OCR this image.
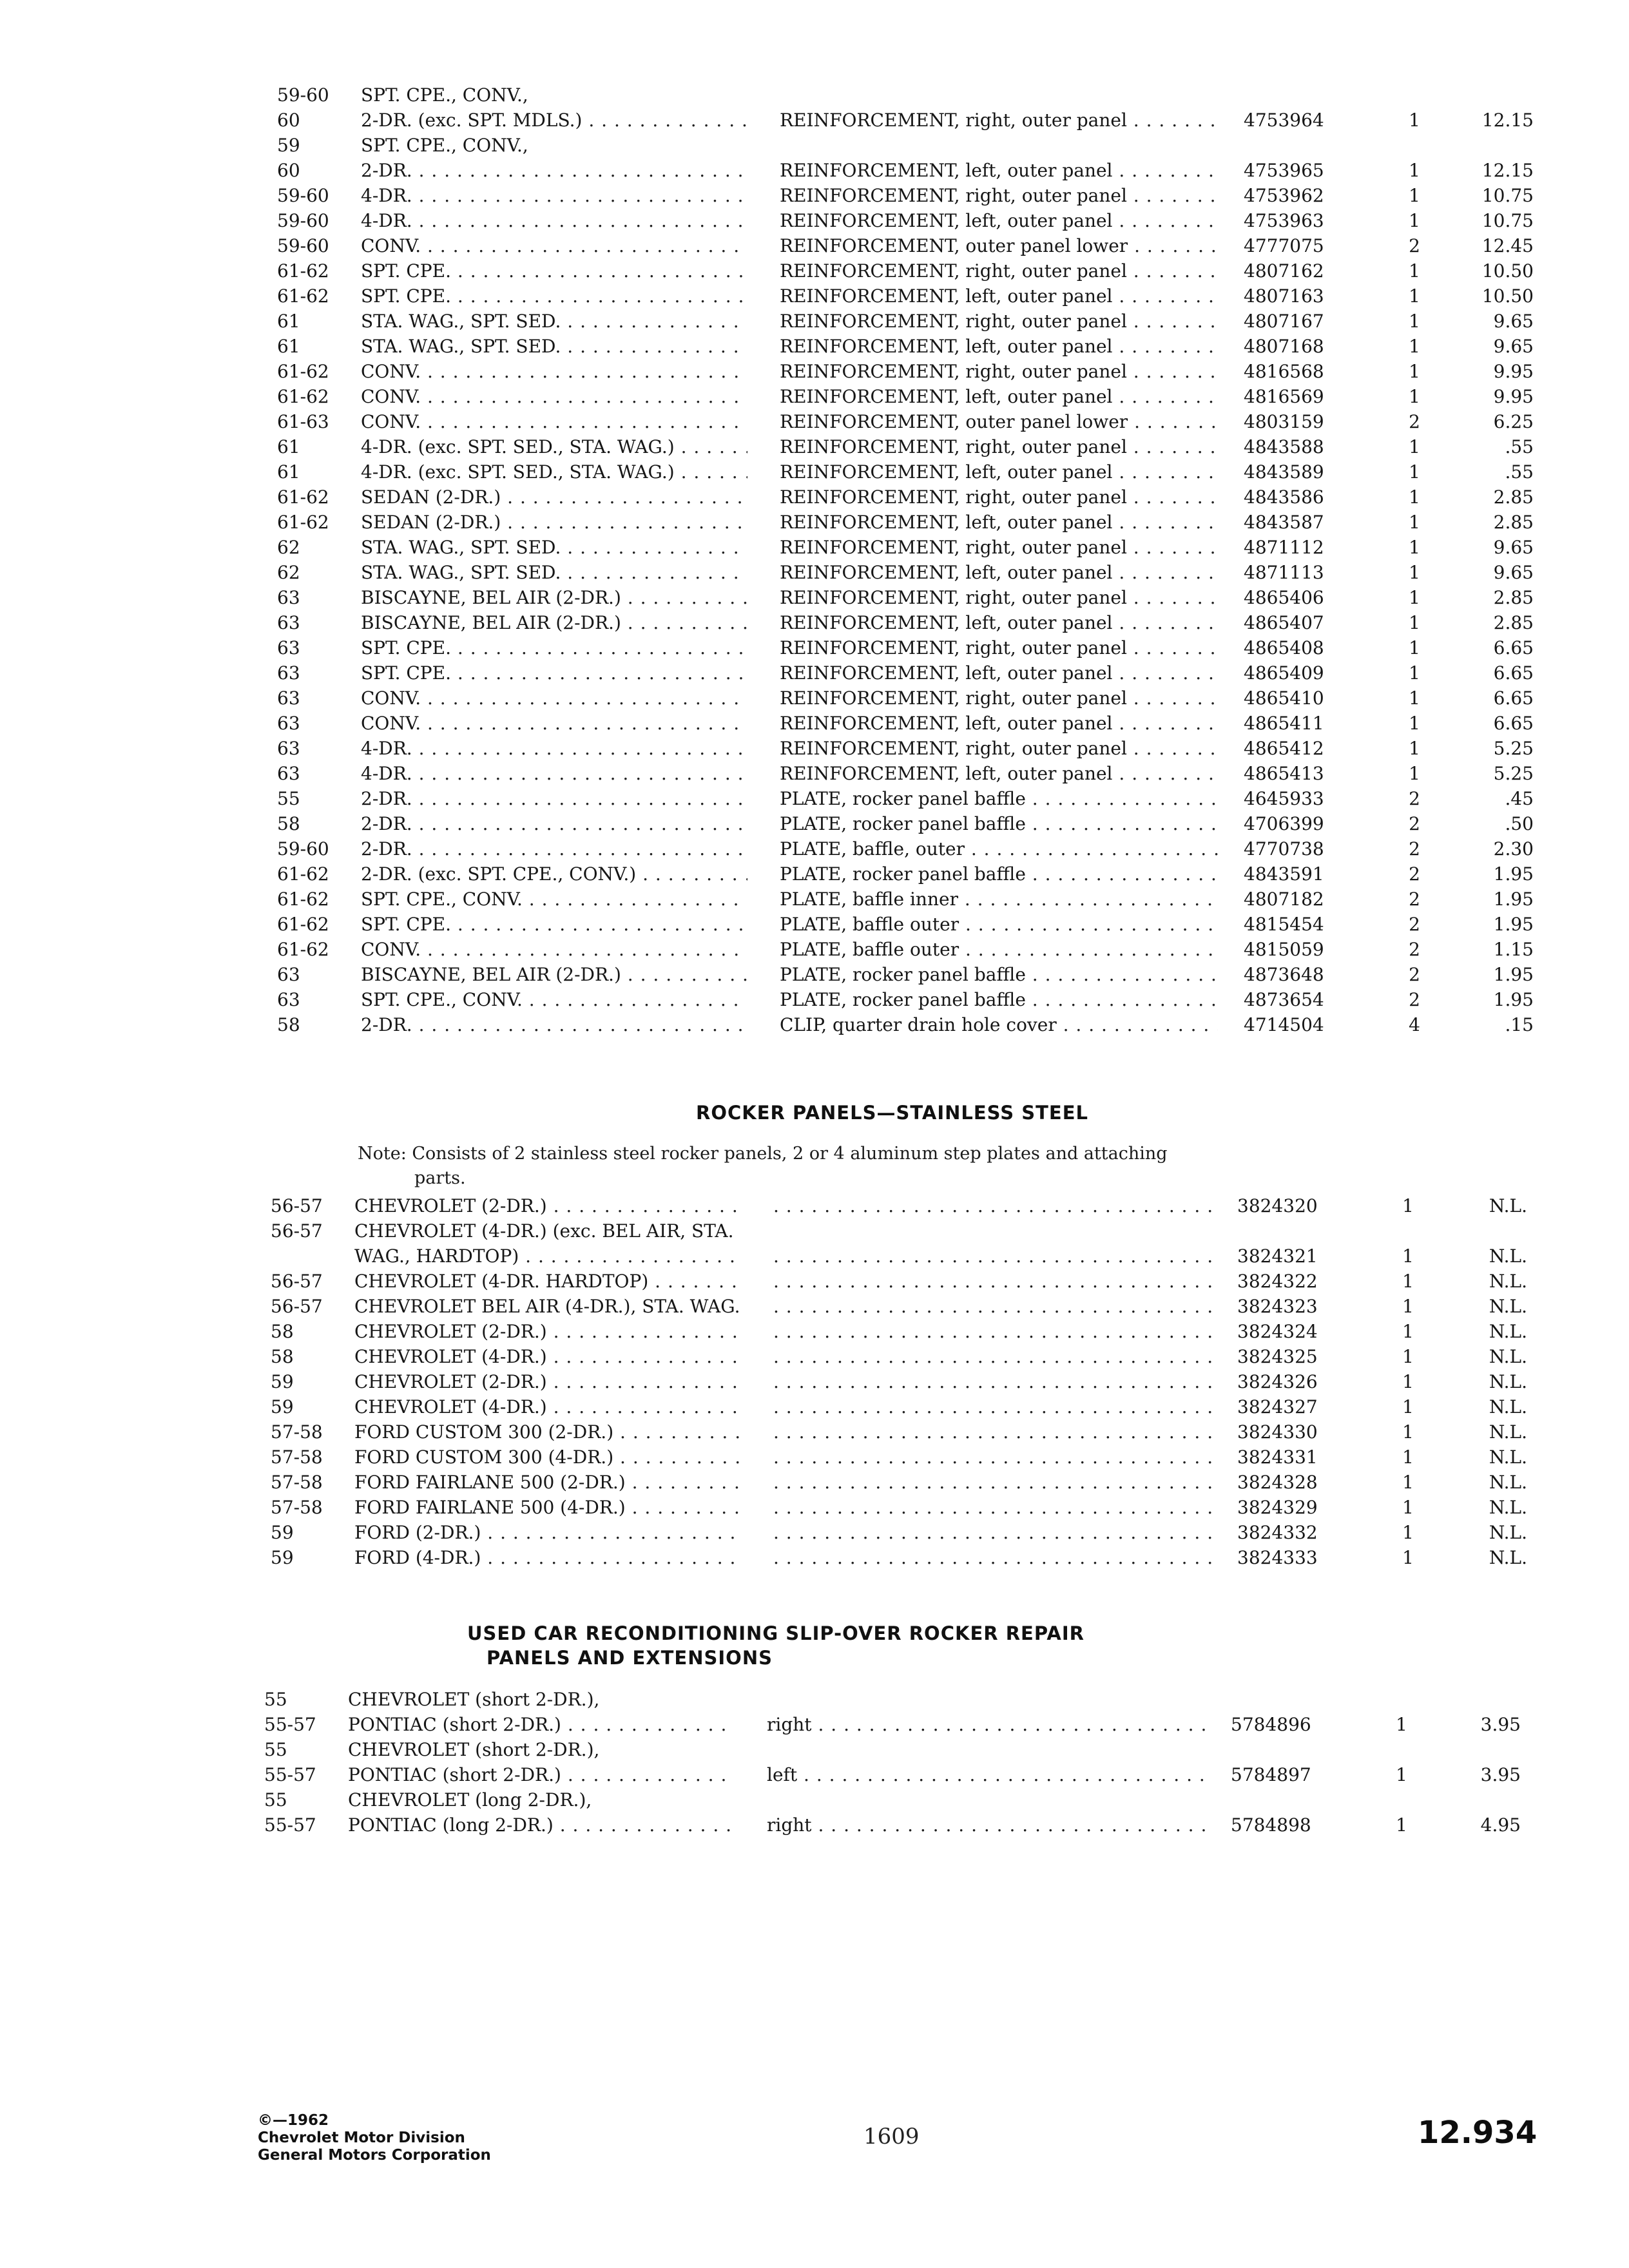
59-60 SPT. CPE., CONV.,
60	2-DR. (exc. SPT. MDLS.) . . .	REINFORCEMENT, right, outer panel . . .	4753964	1	12.15
59	SPT. CPE., CONV.,
60	2-DR. . . .	REINFORCEMENT, left, outer panel . . .	4753965	1	12.15
59-60 4-DR. . . .	REINFORCEMENT, right, outer panel . . .	4753962	1	10.75
59-60 4-DR. . . .	REINFORCEMENT, left, outer panel . . .	4753963	1	10.75
59-60 CONV. . . .	REINFORCEMENT, outer panel lower . . .	4777075	2	12.45
61-62 SPT. CPE. . . .	REINFORCEMENT, right, outer panel . . .	4807162	1	10.50
61-62 SPT. CPE. . . .	REINFORCEMENT, left, outer panel . . .	4807163	1	10.50
61	STA. WAG., SPT. SED. . . .	REINFORCEMENT, right, outer panel . . .	4807167	1	9.65
61	STA. WAG., SPT. SED. . . .	REINFORCEMENT, left, outer panel . . .	4807168	1	9.65
61-62 CONV. . . .	REINFORCEMENT, right, outer panel . . .	4816568	1	9.95
61-62 CONV. . . .	REINFORCEMENT, left, outer panel . . .	4816569	1	9.95
61-63 CONV. . . .	REINFORCEMENT, outer panel lower . . .	4803159	2	6.25
61	4-DR. (exc. SPT. SED., STA. WAG.) . . .	REINFORCEMENT, right, outer panel . . .	4843588	1	.55
61	4-DR. (exc. SPT. SED., STA. WAG.) . . .	REINFORCEMENT, left, outer panel . . .	4843589	1	.55
61-62 SEDAN (2-DR.) . . .	REINFORCEMENT, right, outer panel . . .	4843586	1	2.85
61-62 SEDAN (2-DR.) . . .	REINFORCEMENT, left, outer panel . . .	4843587	1	2.85
62	STA. WAG., SPT. SED. . . .	REINFORCEMENT, right, outer panel . . .	4871112	1	9.65
62	STA. WAG., SPT. SED. . . .	REINFORCEMENT, left, outer panel . . .	4871113	1	9.65
63	BISCAYNE, BEL AIR (2-DR.) . . .	REINFORCEMENT, right, outer panel . . .	4865406	1	2.85
63	BISCAYNE, BEL AIR (2-DR.) . . .	REINFORCEMENT, left, outer panel . . .	4865407	1	2.85
63	SPT. CPE. . . .	REINFORCEMENT, right, outer panel . . .	4865408	1	6.65
63	SPT. CPE. . . .	REINFORCEMENT, left, outer panel . . .	4865409	1	6.65
63	CONV. . . .	REINFORCEMENT, right, outer panel . . .	4865410	1	6.65
63	CONV. . . .	REINFORCEMENT, left, outer panel . . .	4865411	1	6.65
63	4-DR. . . .	REINFORCEMENT, right, outer panel . . .	4865412	1	5.25
63	4-DR. . . .	REINFORCEMENT, left, outer panel . . .	4865413	1	5.25
55	2-DR. . . .	PLATE, rocker panel baffle . . .	4645933	2	.45
58	2-DR. . . .	PLATE, rocker panel baffle . . .	4706399	2	.50
59-60 2-DR. . . .	PLATE, baffle, outer . . .	4770738	2	2.30
61-62 2-DR. (exc. SPT. CPE., CONV.) . . .	PLATE, rocker panel baffle . . .	4843591	2	1.95
61-62 SPT. CPE., CONV. . . .	PLATE, baffle inner . . .	4807182	2	1.95
61-62 SPT. CPE. . . .	PLATE, baffle outer . . .	4815454	2	1.95
61-62 CONV. . . .	PLATE, baffle outer . . .	4815059	2	1.15
63	BISCAYNE, BEL AIR (2-DR.) . . .	PLATE, rocker panel baffle . . .	4873648	2	1.95
63	SPT. CPE., CONV. . . .	PLATE, rocker panel baffle . . .	4873654	2	1.95
58	2-DR. . . .	CLIP, quarter drain hole cover . . .	4714504	4	.15
ROCKER PANELS—STAINLESS STEEL
Note: Consists of 2 stainless steel rocker panels, 2 or 4 aluminum step plates and attaching
parts.
56-57 CHEVROLET (2-DR.) . . . . . .	3824320	1	N.L.
56-57 CHEVROLET (4-DR.) (exc. BEL AIR, STA.
WAG., HARDTOP) . . . . . .	3824321	1	N.L.
56-57 CHEVROLET (4-DR. HARDTOP) . . . . . .	3824322	1	N.L.
56-57 CHEVROLET BEL AIR (4-DR.), STA. WAG. . . .	3824323	1	N.L.
58	CHEVROLET (2-DR.) . . . . . .	3824324	1	N.L.
58	CHEVROLET (4-DR.) . . . . . .	3824325	1	N.L.
59	CHEVROLET (2-DR.) . . . . . .	3824326	1	N.L.
59	CHEVROLET (4-DR.) . . . . . .	3824327	1	N.L.
57-58 FORD CUSTOM 300 (2-DR.) . . . . . .	3824330	1	N.L.
57-58 FORD CUSTOM 300 (4-DR.) . . . . . .	3824331	1	N.L.
57-58 FORD FAIRLANE 500 (2-DR.) . . . . . .	3824328	1	N.L.
57-58 FORD FAIRLANE 500 (4-DR.) . . . . . .	3824329	1	N.L.
59	FORD (2-DR.) . . . . . .	3824332	1	N.L.
59	FORD (4-DR.) . . . . . .	3824333	1	N.L.
USED CAR RECONDITIONING SLIP-OVER ROCKER REPAIR
PANELS AND EXTENSIONS
55	CHEVROLET (short 2-DR.),
55-57 PONTIAC (short 2-DR.) . . .	right . . .	5784896	1	3.95
55	CHEVROLET (short 2-DR.),
55-57 PONTIAC (short 2-DR.) . . .	left . . .	5784897	1	3.95
55	CHEVROLET (long 2-DR.),
55-57 PONTIAC (long 2-DR.) . . .	right . . .	5784898	1	4.95
©—1962
Chevrolet Motor Division
General Motors Corporation
1609	12.934
